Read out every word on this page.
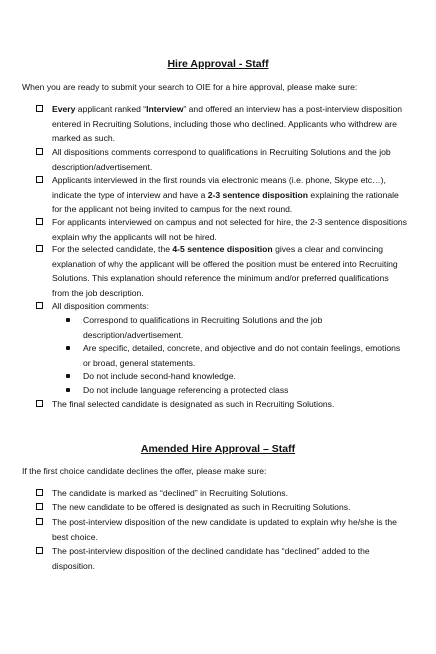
Hire Approval - Staff

When you are ready to submit your search to OIE for a hire approval, please make sure:

Every applicant ranked “Interview” and offered an interview has a post-interview disposition entered in Recruiting Solutions, including those who declined. Applicants who withdrew are marked as such.
All dispositions comments correspond to qualifications in Recruiting Solutions and the job description/advertisement.
Applicants interviewed in the first rounds via electronic means (i.e. phone, Skype etc…), indicate the type of interview and have a 2-3 sentence disposition explaining the rationale for the applicant not being invited to campus for the next round.
For applicants interviewed on campus and not selected for hire, the 2-3 sentence dispositions explain why the applicants will not be hired.
For the selected candidate, the 4-5 sentence disposition gives a clear and convincing explanation of why the applicant will be offered the position must be entered into Recruiting Solutions. This explanation should reference the minimum and/or preferred qualifications from the job description.
All disposition comments:
Correspond to qualifications in Recruiting Solutions and the job description/advertisement.
Are specific, detailed, concrete, and objective and do not contain feelings, emotions or broad, general statements.
Do not include second-hand knowledge.
Do not include language referencing a protected class
The final selected candidate is designated as such in Recruiting Solutions.
Amended Hire Approval – Staff

If the first choice candidate declines the offer, please make sure:

The candidate is marked as “declined” in Recruiting Solutions.
The new candidate to be offered is designated as such in Recruiting Solutions.
The post-interview disposition of the new candidate is updated to explain why he/she is the best choice.
The post-interview disposition of the declined candidate has “declined” added to the disposition.
